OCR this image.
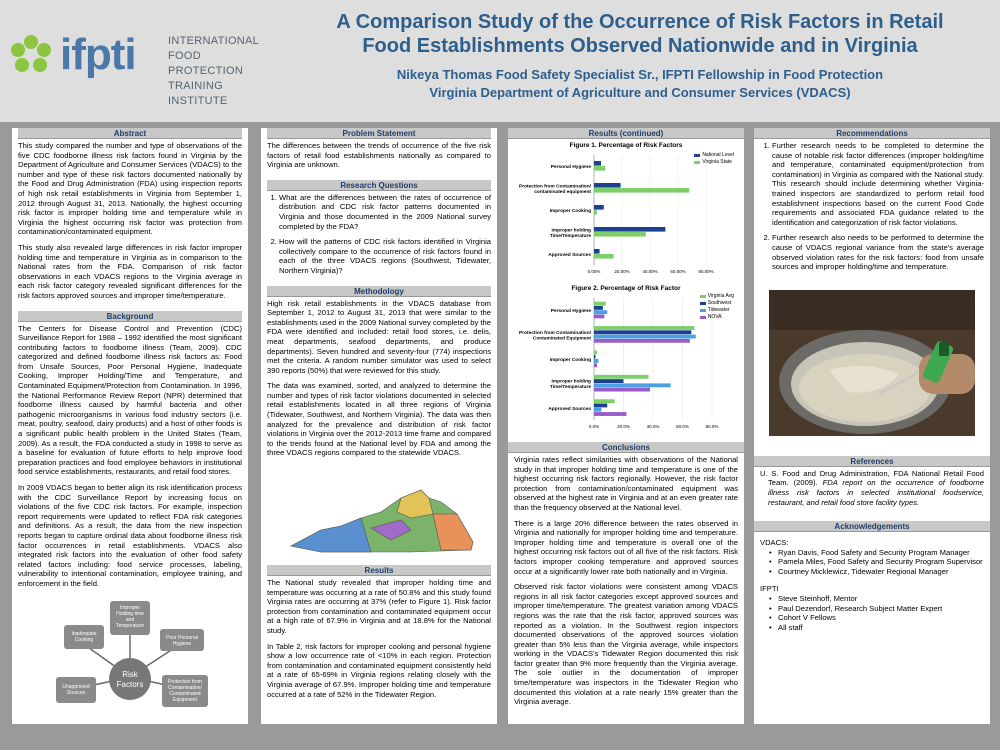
ifpti	INTERNATIONAL
FOOD PROTECTION
TRAINING INSTITUTE
A Comparison Study of the Occurrence of Risk Factors in Retail
Food Establishments Observed Nationwide and in Virginia
Nikeya Thomas Food Safety Specialist Sr., IFPTI Fellowship in Food Protection
Virginia Department of Agriculture and Consumer Services (VDACS)
Abstract

This study compared the number and type of observations of the five CDC foodborne illness risk factors found in Virginia by the Department of Agriculture and Consumer Services (VDACS) to the number and type of these risk factors documented nationally by the Food and Drug Administration (FDA) using inspection reports of high risk retail establishments in Virginia from September 1, 2012 through August 31, 2013. Nationally, the highest occurring risk factor is improper holding time and temperature while in Virginia the highest occurring risk factor was protection from contamination/contaminated equipment.

This study also revealed large differences in risk factor improper holding time and temperature in Virginia as in comparison to the National rates from the FDA. Comparison of risk factor observations in each VDACS regions to the Virginia average in each risk factor category revealed significant differences for the risk factors approved sources and improper time/temperature.

Background

The Centers for Disease Control and Prevention (CDC) Surveillance Report for 1988 – 1992 identified the most significant contributing factors to foodborne illness (Team, 2009). CDC categorized and defined foodborne illness risk factors as: Food from Unsafe Sources, Poor Personal Hygiene, Inadequate Cooking, Improper Holding/Time and Temperature, and Contaminated Equipment/Protection from Contamination. In 1996, the National Performance Review Report (NPR) determined that foodborne illness caused by harmful bacteria and other pathogenic microorganisms in various food industry sectors (i.e. meat, poultry, seafood, dairy products) and a host of other foods is a significant public health problem in the United States (Team, 2009). As a result, the FDA conducted a study in 1998 to serve as a baseline for evaluation of future efforts to help improve food preparation practices and food employee behaviors in institutional food service establishments, restaurants, and retail food stores.

In 2009 VDACS began to better align its risk identification process with the CDC Surveillance Report by increasing focus on violations of the five CDC risk factors. For example, inspection report requirements were updated to reflect FDA risk categories and definitions. As a result, the data from the new inspection reports began to capture ordinal data about foodborne illness risk factor occurrences in retail establishments. VDACS also integrated risk factors into the evaluation of other food safety related factors including: food service processes, labeling, vulnerability to intentional contamination, employee training, and enforcement in the field.

Risk
Factors
Inadequate
Cooking
Improper
Holding time
and
Temperature
Poor Personal
Hygiene
Unapproved
Sources
Protection from
Contamination/
Contaminated
Equipment
Problem Statement

The differences between the trends of occurrence of the five risk factors of retail food establishments nationally as compared to Virginia are unknown.

Research Questions
1. What are the differences between the rates of occurrence of distribution and CDC risk factor patterns documented in Virginia and those documented in the 2009 National survey completed by the FDA?
2. How will the patterns of CDC risk factors identified in Virginia collectively compare to the occurrence of risk factors found in each of the three VDACS regions (Southwest, Tidewater, Northern Virginia)?
Methodology

High risk retail establishments in the VDACS database from September 1, 2012 to August 31, 2013 that were similar to the establishments used in the 2009 National survey completed by the FDA were identified and included: retail food stores, i.e. delis, meat departments, seafood departments, and produce departments). Seven hundred and seventy-four (774) inspections met the criteria. A random number simulator was used to select 390 reports (50%) that were reviewed for this study.

The data was examined, sorted, and analyzed to determine the number and types of risk factor violations documented in selected retail establishments located in all three regions of Virginia (Tidewater, Southwest, and Northern Virginia). The data was then analyzed for the prevalence and distribution of risk factor violations in Virginia over the 2012-2013 time frame and compared to the trends found at the National level by FDA and among the three VDACS regions compared to the statewide VDACS.

Results

The National study revealed that improper holding time and temperature was occurring at a rate of 50.8% and this study found Virginia rates are occurring at 37% (refer to Figure 1). Risk factor protection from contamination and contaminated equipment occur at a high rate of 67.9% in Virginia and at 18.8% for the National study.

In Table 2, risk factors for improper cooking and personal hygiene show a low occurrence rate of <10% in each region. Protection from contamination and contaminated equipment consistently held at a rate of 65-69% in Virginia regions relating closely with the Virginia average of 67.9%. Improper holding time and temperature occurred at a rate of 52% in the Tidewater Region.

Results (continued)
Figure 1. Percentage of Risk Factors
0.00%	20.00%	40.00%	60.00%	80.00%
Personal Hygiene
Protection from Contamination/
contaminated equipment
Improper Cooking
Improper holding
Time/Temperature
Approved Sources
National Level
Virginia State
Figure 2. Percentage of Risk Factor
0.0%	20.0%	40.0%	60.0%	80.0%
Personal Hygiene
Protection from Contamination/
Contaminated Equipment
Improper Cooking
Improper holding
Time/Temperature
Approved Sources
Virginia Avg
Southwest
Tidewater
NOVA
Conclusions

Virginia rates reflect similarities with observations of the National study in that improper holding time and temperature is one of the highest occurring risk factors regionally. However, the risk factor protection from contamination/contaminated equipment was observed at the highest rate in Virginia and at an even greater rate than the frequency observed at the National level.

There is a large 20% difference between the rates observed in Virginia and nationally for improper holding time and temperature. Improper holding time and temperature is overall one of the highest occurring risk factors out of all five of the risk factors. Risk factors improper cooking temperature and approved sources occur at a significantly lower rate both nationally and in Virginia.

Observed risk factor violations were consistent among VDACS regions in all risk factor categories except approved sources and improper time/temperature. The greatest variation among VDACS regions was the rate that the risk factor, approved sources was reported as a violation. In the Southwest region inspectors documented observations of the approved sources violation greater than 5% less than the Virginia average, while inspectors working in the VDACS's Tidewater Region documented this risk factor greater than 9% more frequently than the Virginia average. The sole outlier in the documentation of improper time/temperature was inspectors in the Tidewater Region who documented this violation at a rate nearly 15% greater than the Virginia average.

Recommendations
1. Further research needs to be completed to determine the cause of notable risk factor differences (improper holding/time and temperature, contaminated equipment/protection from contamination) in Virginia as compared with the National study. This research should include determining whether Virginia-trained inspectors are standardized to perform retail food establishment inspections based on the current Food Code requirements and associated FDA guidance related to the identification and categorization of risk factor violations.
2. Further research also needs to be performed to determine the cause of VDACS regional variance from the state's average observed violation rates for the risk factors: food from unsafe sources and improper holding/time and temperature.
References

U. S. Food and Drug Administration, FDA National Retail Food Team. (2009). FDA report on the occurrence of foodborne illness risk factors in selected institutional foodservice, restaurant, and retail food store facility types.

Acknowledgements
VDACS:
• Ryan Davis, Food Safety and Security Program Manager
• Pamela Miles, Food Safety and Security Program Supervisor
• Courtney Micklewicz, Tidewater Regional Manager
IFPTI
• Steve Steinhoff, Mentor
• Paul Dezendorf, Research Subject Matter Expert
• Cohort V Fellows
• All staff
